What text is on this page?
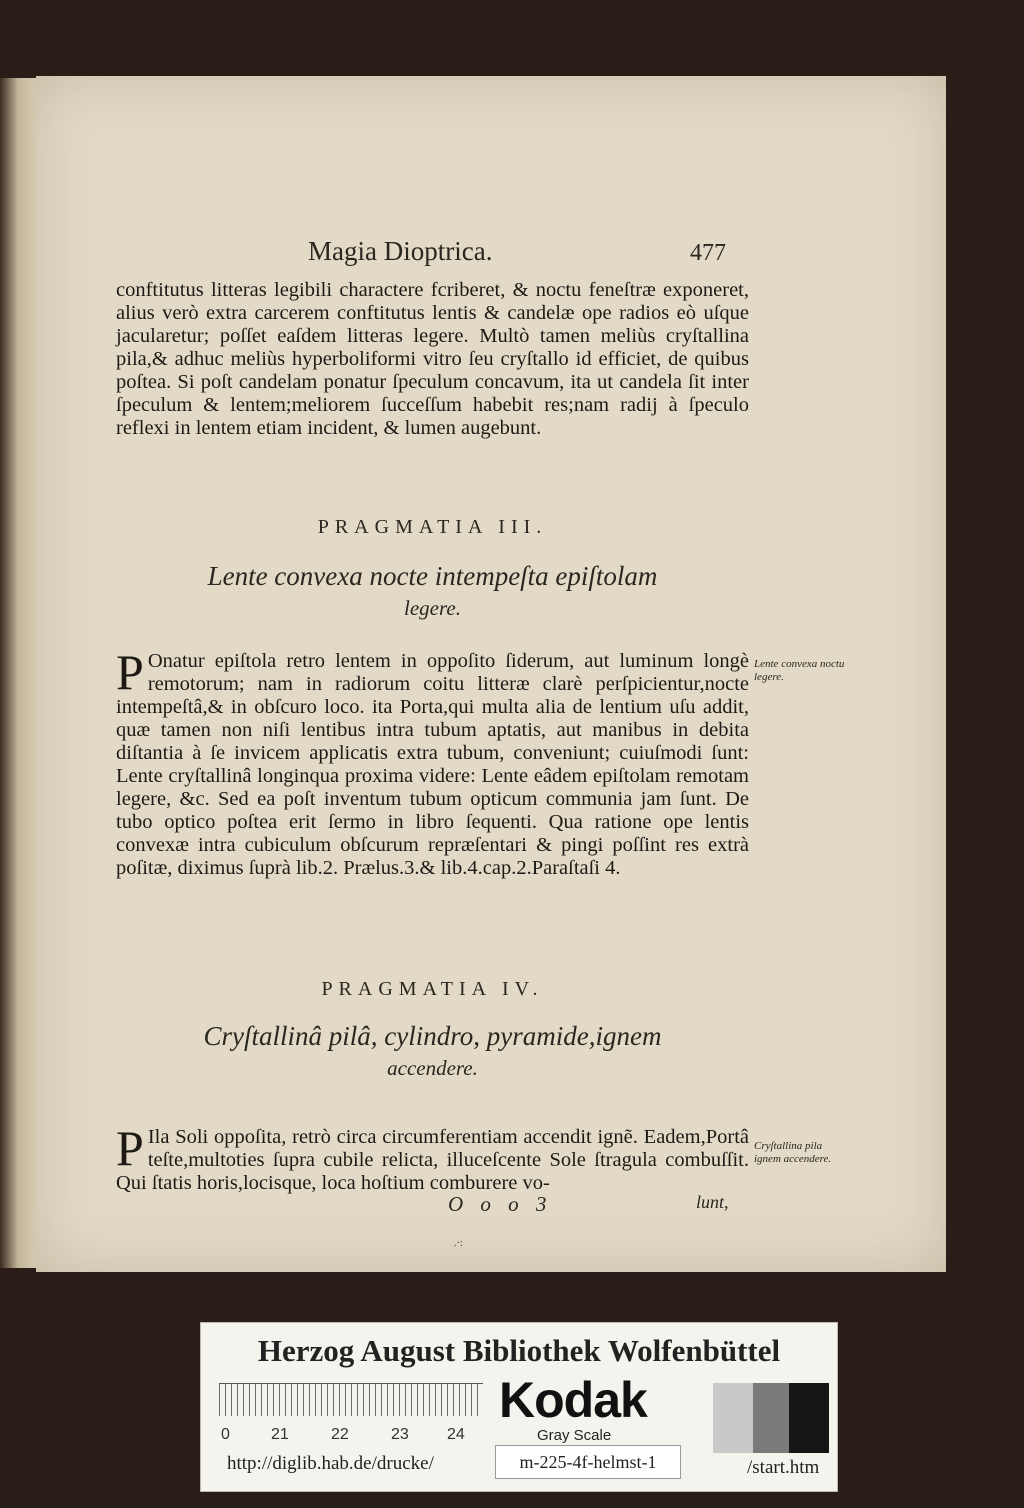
Magia Dioptrica.	477

conftitutus litteras legibili charactere fcriberet, & noctu feneſtræ exponeret, alius verò extra carcerem conftitutus lentis & candelæ ope radios eò uſque jacularetur; poſſet eaſdem litteras legere. Multò tamen meliùs cryſtallina pila,& adhuc meliùs hyperboliformi vitro ſeu cryſtallo id efficiet, de quibus poſtea. Si poſt candelam ponatur ſpeculum concavum, ita ut candela ſit inter ſpeculum & lentem;meliorem ſucceſſum habebit res;nam radij à ſpeculo reflexi in lentem etiam incident, & lumen augebunt.

PRAGMATIA III.
Lente convexa nocte intempeſta epiſtolam
legere.

P Onatur epiſtola retro lentem in oppoſito ſiderum, aut luminum longè remotorum; nam in radiorum coitu litteræ clarè perſpicientur,nocte intempeſtâ,& in obſcuro loco. ita Porta,qui multa alia de lentium uſu addit, quæ tamen non niſi lentibus intra tubum aptatis, aut manibus in debita diſtantia à ſe invicem applicatis extra tubum, conveniunt; cuiuſmodi ſunt: Lente cryſtallinâ longinqua proxima videre: Lente eâdem epiſtolam remotam legere, &c. Sed ea poſt inventum tubum opticum communia jam ſunt. De tubo optico poſtea erit ſermo in libro ſequenti. Qua ratione ope lentis convexæ intra cubiculum obſcurum repræſentari & pingi poſſint res extrà poſitæ, diximus ſuprà lib.2. Prælus.3.& lib.4.cap.2.Paraſtaſi 4.

Lente convexa noctu legere.
PRAGMATIA IV.
Cryſtallinâ pilâ, cylindro, pyramide,ignem
accendere.

P Ila Soli oppoſita, retrò circa circumferentiam accendit ignẽ. Eadem,Portâ teſte,multoties ſupra cubile relicta, illuceſcente Sole ſtragula combuſſit. Qui ſtatis horis,locisque, loca hoſtium comburere vo-

Cryſtallina pila ignem accendere.
O o o 3	lunt,
.·:
Herzog August Bibliothek Wolfenbüttel
0	21	22	23 24
Kodak
Gray Scale
http://diglib.hab.de/drucke/	m-225-4f-helmst-1	/start.htm
